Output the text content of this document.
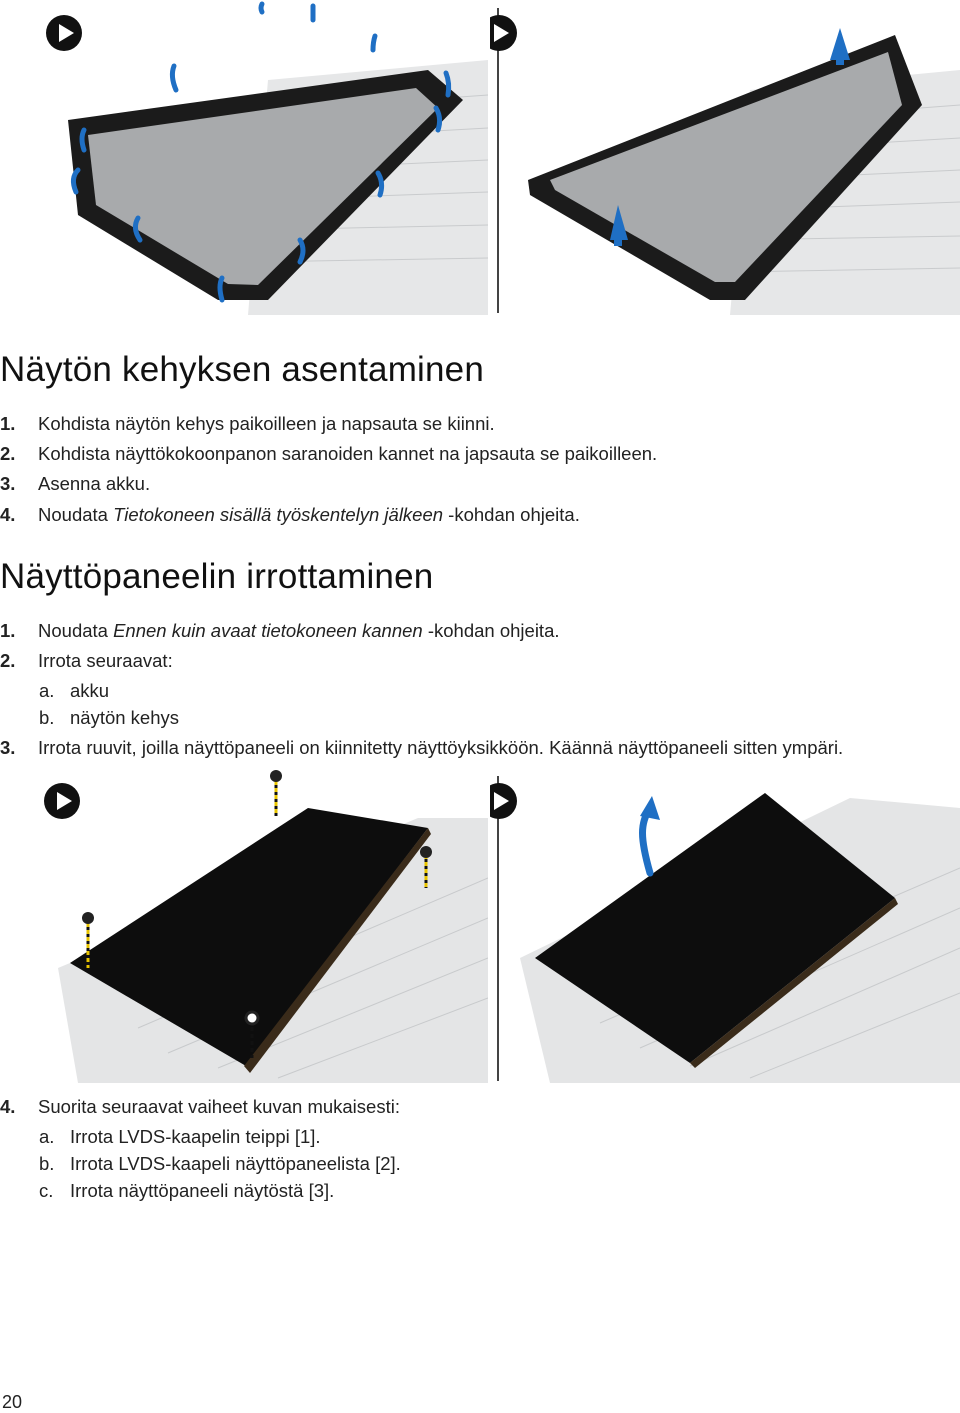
Näytön kehyksen asentaminen
1. Kohdista näytön kehys paikoilleen ja napsauta se kiinni.
2. Kohdista näyttökokoonpanon saranoiden kannet na japsauta se paikoilleen.
3. Asenna akku.
4. Noudata Tietokoneen sisällä työskentelyn jälkeen -kohdan ohjeita.
Näyttöpaneelin irrottaminen
1. Noudata Ennen kuin avaat tietokoneen kannen -kohdan ohjeita.
2. Irrota seuraavat:
a. akku
b. näytön kehys
3. Irrota ruuvit, joilla näyttöpaneeli on kiinnitetty näyttöyksikköön. Käännä näyttöpaneeli sitten ympäri.
4. Suorita seuraavat vaiheet kuvan mukaisesti:
a. Irrota LVDS-kaapelin teippi [1].
b. Irrota LVDS-kaapeli näyttöpaneelista [2].
c. Irrota näyttöpaneeli näytöstä [3].
20
